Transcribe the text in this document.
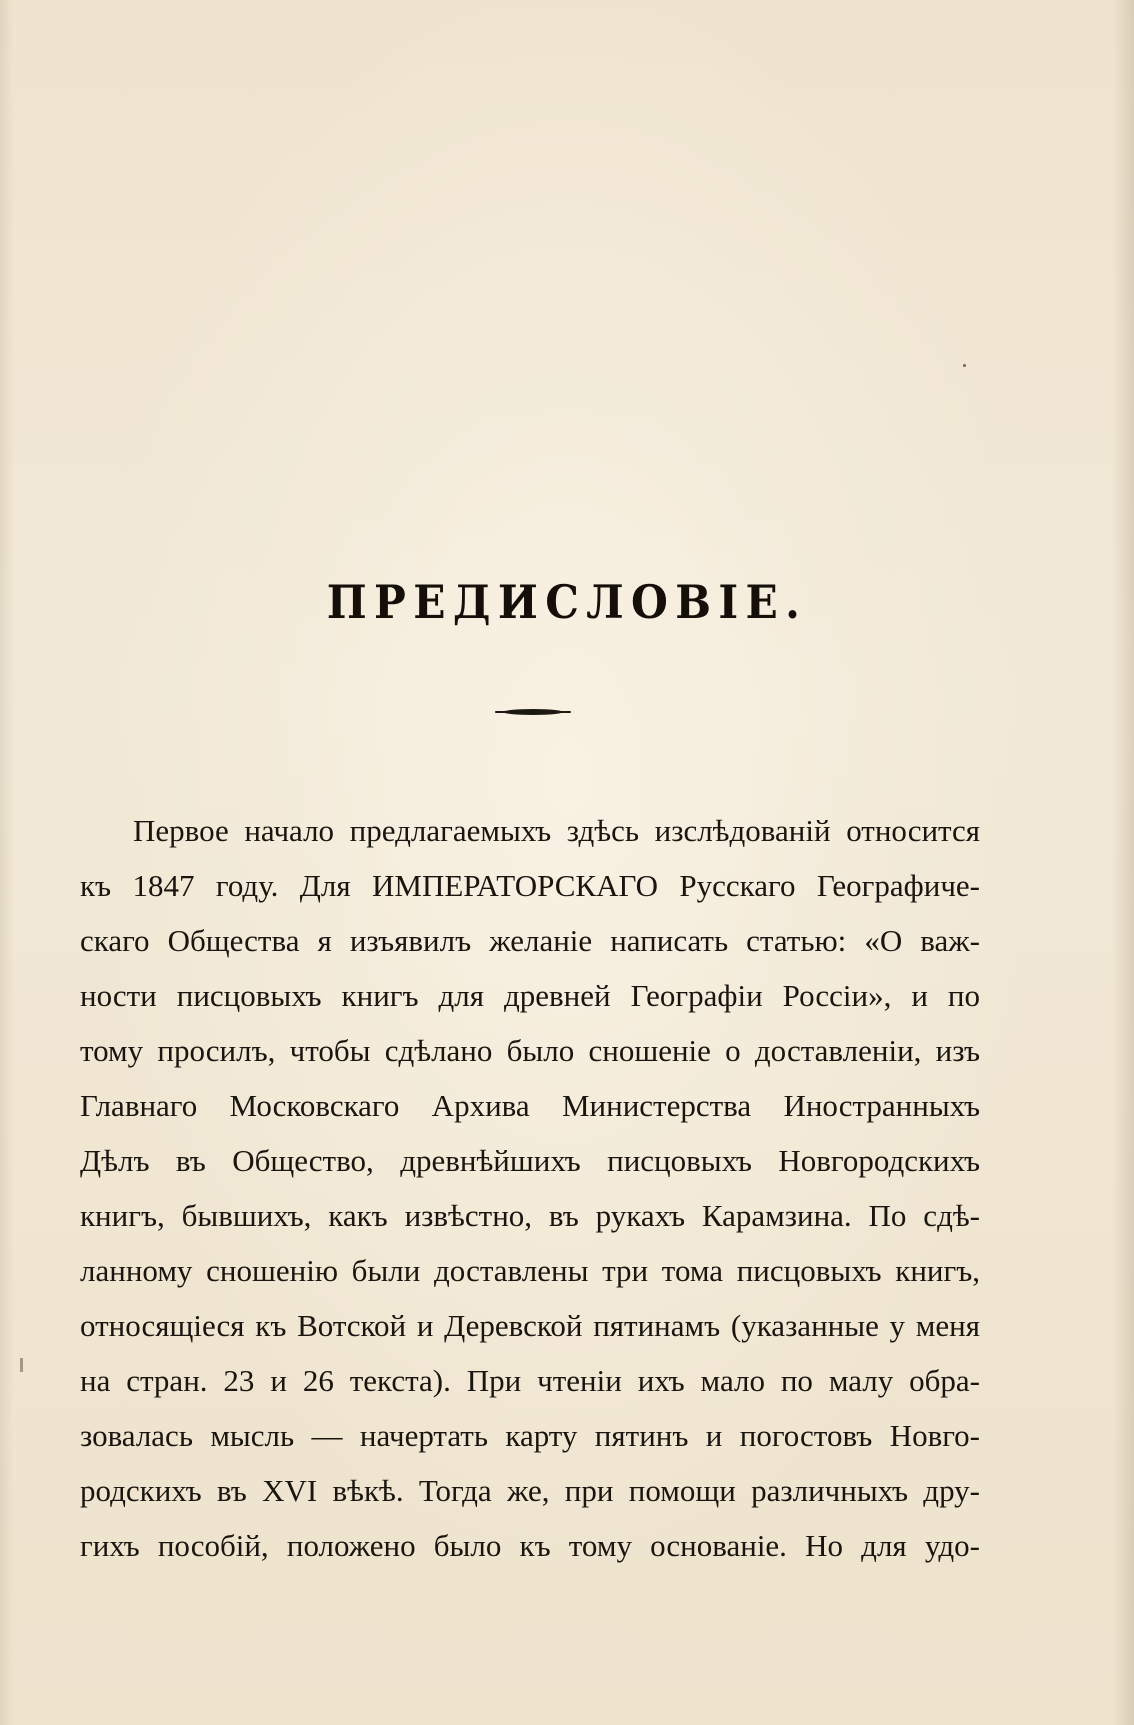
ПРЕДИСЛОВІЕ.
Первое начало предлагаемыхъ здѣсь изслѣдованій относится
къ 1847 году. Для ИМПЕРАТОРСКАГО Русскаго Географиче-
скаго Общества я изъявилъ желаніе написать статью: «О важ-
ности писцовыхъ книгъ для древней Географіи Россіи», и по
тому просилъ, чтобы сдѣлано было сношеніе о доставленіи, изъ
Главнаго Московскаго Архива Министерства Иностранныхъ
Дѣлъ въ Общество, древнѣйшихъ писцовыхъ Новгородскихъ
книгъ, бывшихъ, какъ извѣстно, въ рукахъ Карамзина. По сдѣ-
ланному сношенію были доставлены три тома писцовыхъ книгъ,
относящіеся къ Вотской и Деревской пятинамъ (указанные у меня
на стран. 23 и 26 текста). При чтеніи ихъ мало по малу обра-
зовалась мысль — начертать карту пятинъ и погостовъ Новго-
родскихъ въ XVI вѣкѣ. Тогда же, при помощи различныхъ дру-
гихъ пособій, положено было къ тому основаніе. Но для удо-
